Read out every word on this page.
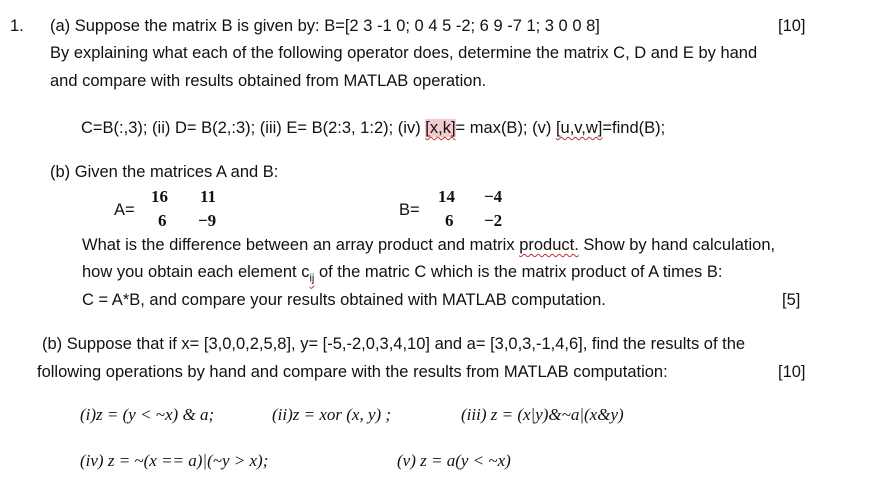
1. (a) Suppose the matrix B is given by: B=[2 3 -1 0; 0 4 5 -2; 6 9 -7 1; 3 0 0 8]	[10]
By explaining what each of the following operator does, determine the matrix C, D and E by hand
and compare with results obtained from MATLAB operation.
C=B(:,3); (ii) D= B(2,:3); (iii) E= B(2:3, 1:2); (iv) [x,k]= max(B); (v) [u,v,w]=find(B);
(b) Given the matrices A and B:
A=
16 11
6 −9
B=
14 −4
6 −2
What is the difference between an array product and matrix product. Show by hand calculation,
how you obtain each element $c_{ij}$ of the matric C which is the matrix product of A times B:
C = A*B, and compare your results obtained with MATLAB computation.	[5]
(b) Suppose that if x= [3,0,0,2,5,8], y= [-5,-2,0,3,4,10] and a= [3,0,3,-1,4,6], find the results of the
following operations by hand and compare with the results from MATLAB computation:	[10]
(i)z = (y < ~x) & a;	(ii)z = xor (x, y) ;	(iii) z = (x|y)&~a|(x&y)
(iv) z = ~(x == a)|(~y > x);	(v) z = a(y < ~x)
